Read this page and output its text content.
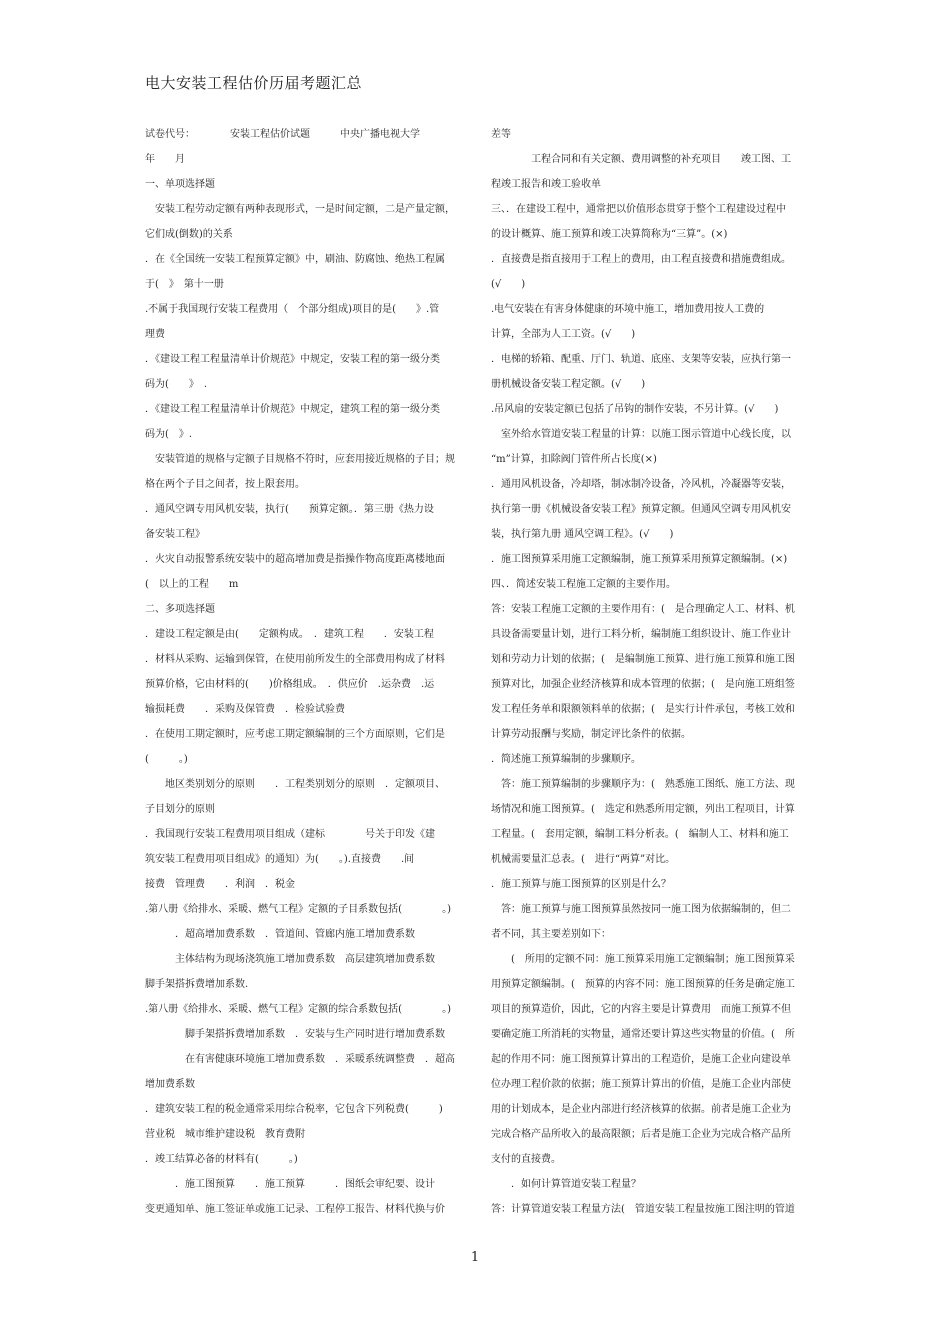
电大安装工程估价历届考题汇总
试卷代号：　　　　安装工程估价试题　　　中央广播电视大学
年　　月
一、单项选择题
　安装工程劳动定额有两种表现形式，一是时间定额，二是产量定额，
它们成(倒数)的关系
．在《全国统一安装工程预算定额》中，刷油、防腐蚀、绝热工程属
于(　》　第十一册
.不属于我国现行安装工程费用（　个部分组成)项目的是(　　》.管
理费
．《建设工程工程量清单计价规范》中规定，安装工程的第一级分类
码为(　　》　.
．《建设工程工程量清单计价规范》中规定，建筑工程的第一级分类
码为(　》.
　安装管道的规格与定额子目规格不符时，应套用接近规格的子目；规
格在两个子目之间者，按上限套用。
．通风空调专用风机安装，执行(　　预算定额。．第三册《热力设
备安装工程》
．火灾自动报警系统安装中的超高增加费是指操作物高度距离楼地面
(　以上的工程　　m
二、多项选择题
．建设工程定额是由(　　定额构成。　．建筑工程　　．安装工程
．材料从采购、运输到保管，在使用前所发生的全部费用构成了材料
预算价格，它由材料的(　　)价格组成。　．供应价　.运杂费　.运
输损耗费　　．采购及保管费　．检验试验费
．在使用工期定额时，应考虑工期定额编制的三个方面原则，它们是
(　　　。)
　　地区类别划分的原则　　．工程类别划分的原则　．定额项目、
子目划分的原则
．我国现行安装工程费用项目组成（建标　　　　号关于印发《建
筑安装工程费用项目组成》的通知）为(　　。).直接费　　.间
接费　管理费　　．利润　．税金
.第八册《给排水、采暖、燃气工程》定额的子目系数包括(　　　　。)
　　　．超高增加费系数　．管道间、管廊内施工增加费系数
　　　主体结构为现场浇筑施工增加费系数　高层建筑增加费系数
脚手架搭拆费增加系数.
.第八册《给排水、采暖、燃气工程》定额的综合系数包括(　　　　。)
　　　　脚手架搭拆费增加系数　．安装与生产同时进行增加费系数
　　　　在有害健康环境施工增加费系数　．采暖系统调整费　．超高
增加费系数
．建筑安装工程的税金通常采用综合税率，它包含下列税费(　　　)
营业税　城市维护建设税　教育费附
．竣工结算必备的材料有(　　　。)
　　　．施工图预算　　．施工预算　　　．图纸会审纪要、设计
变更通知单、施工签证单或施工记录、工程停工报告、材料代换与价
差等
　　　　工程合同和有关定额、费用调整的补充项目　　竣工图、工
程竣工报告和竣工验收单
三、．在建设工程中，通常把以价值形态贯穿于整个工程建设过程中
的设计概算、施工预算和竣工决算简称为“三算”。(×)
．直接费是指直接用于工程上的费用，由工程直接费和措施费组成。
(√　　)
.电气安装在有害身体健康的环境中施工，增加费用按人工费的
计算，全部为人工工资。(√　　)
．电梯的轿箱、配重、厅门、轨道、底座、支架等安装，应执行第一
册机械设备安装工程定额。(√　　)
.吊风扇的安装定额已包括了吊钩的制作安装，不另计算。(√　　)
　室外给水管道安装工程量的计算：以施工图示管道中心线长度，以
“m”计算，扣除阀门管件所占长度(×)
．通用风机设备，冷却塔，制冰制冷设备，冷风机，冷凝器等安装，
执行第一册《机械设备安装工程》预算定额。但通风空调专用风机安
装，执行第九册 通风空调工程》。(√　　)
．施工图预算采用施工定额编制，施工预算采用预算定额编制。(×)
四、．简述安装工程施工定额的主要作用。
答：安装工程施工定额的主要作用有：(　是合理确定人工、材料、机
具设备需要量计划，进行工料分析，编制施工组织设计、施工作业计
划和劳动力计划的依据；(　是编制施工预算、进行施工预算和施工图
预算对比，加强企业经济核算和成本管理的依据；(　是向施工班组签
发工程任务单和限额领料单的依据；(　是实行计件承包，考核工效和
计算劳动报酬与奖励，制定评比条件的依据。
．简述施工预算编制的步骤顺序。
　答：施工预算编制的步骤顺序为：(　熟悉施工图纸、施工方法、现
场情况和施工图预算。(　选定和熟悉所用定额，列出工程项目，计算
工程量。(　套用定额，编制工料分析表。(　编制人工、材料和施工
机械需要量汇总表。(　进行“两算”对比。
．施工预算与施工图预算的区别是什么？
　答：施工预算与施工图预算虽然按同一施工图为依据编制的，但二
者不同，其主要差别如下：
　　(　所用的定额不同：施工预算采用施工定额编制；施工图预算采
用预算定额编制。(　预算的内容不同：施工图预算的任务是确定施工
项目的预算造价，因此，它的内容主要是计算费用　而施工预算不但
要确定施工所消耗的实物量，通常还要计算这些实物量的价值。(　所
起的作用不同：施工图预算计算出的工程造价，是施工企业向建设单
位办理工程价款的依据；施工预算计算出的价值，是施工企业内部使
用的计划成本，是企业内部进行经济核算的依据。前者是施工企业为
完成合格产品所收入的最高限额；后者是施工企业为完成合格产品所
支付的直接费。
　　．如何计算管道安装工程量？
答：计算管道安装工程量方法(　管道安装工程量按施工图注明的管道
1
